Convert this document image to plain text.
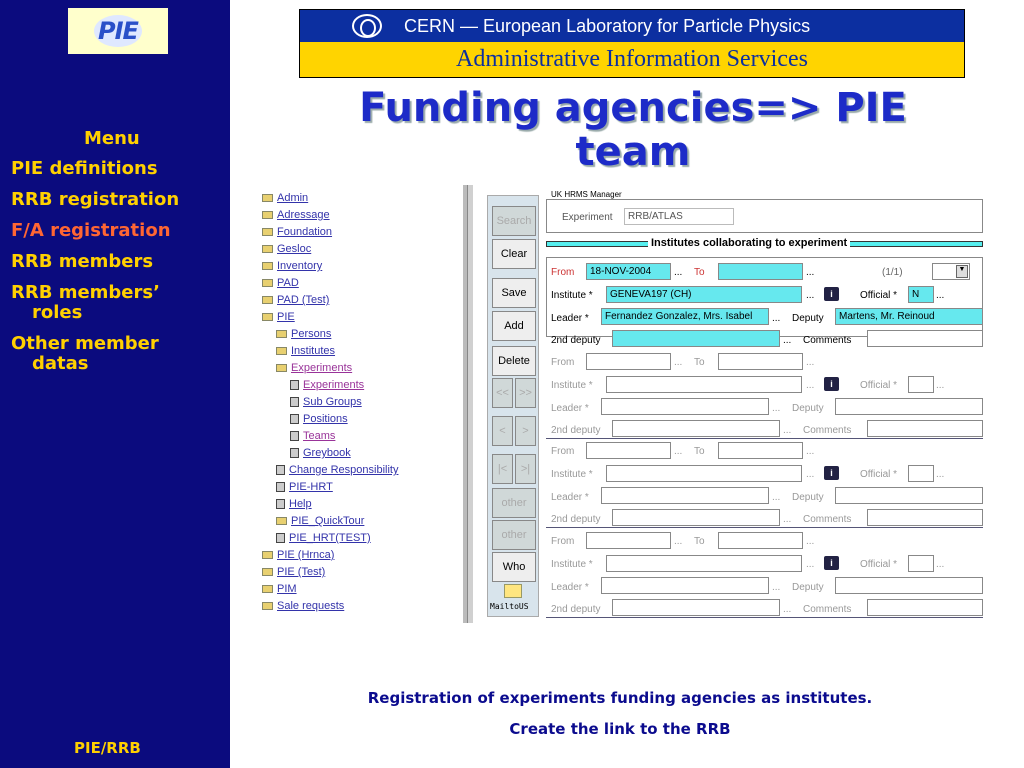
PIE
Menu
PIE definitions
RRB registration
F/A registration
RRB members
RRB members’
roles
Other member
datas
PIE/RRB
CERN — European Laboratory for Particle Physics
Administrative Information Services
Funding agencies=> PIE
team
Admin
Adressage
Foundation
Gesloc
Inventory
PAD
PAD (Test)
PIE
Persons
Institutes
Experiments
Experiments
Sub Groups
Positions
Teams
Greybook
Change Responsibility
PIE-HRT
Help
PIE_QuickTour
PIE_HRT(TEST)
PIE (Hrnca)
PIE (Test)
PIM
Sale requests
Search
Clear
Save
Add
Delete
<< >>
<	>
|<	>|
other
other
Who
MailtoUS
UK HRMS Manager
Experiment	RRB/ATLAS
Institutes collaborating to experiment
From	18-NOV-2004	... To	...	(1/1)	▼
Institute *	GENEVA197 (CH)	...	i	Official *	N	...
Leader *	Fernandez Gonzalez, Mrs. Isabel	... Deputy	Martens, Mr. Reinoud
2nd deputy	... Comments
From	... To	...
Institute *	...	i	Official *	...
Leader *	... Deputy
2nd deputy	... Comments
From	... To	...
Institute *	...	i	Official *	...
Leader *	... Deputy
2nd deputy	... Comments
From	... To	...
Institute *	...	i	Official *	...
Leader *	... Deputy
2nd deputy	... Comments
Registration of experiments funding agencies as institutes.
Create the link to the RRB
